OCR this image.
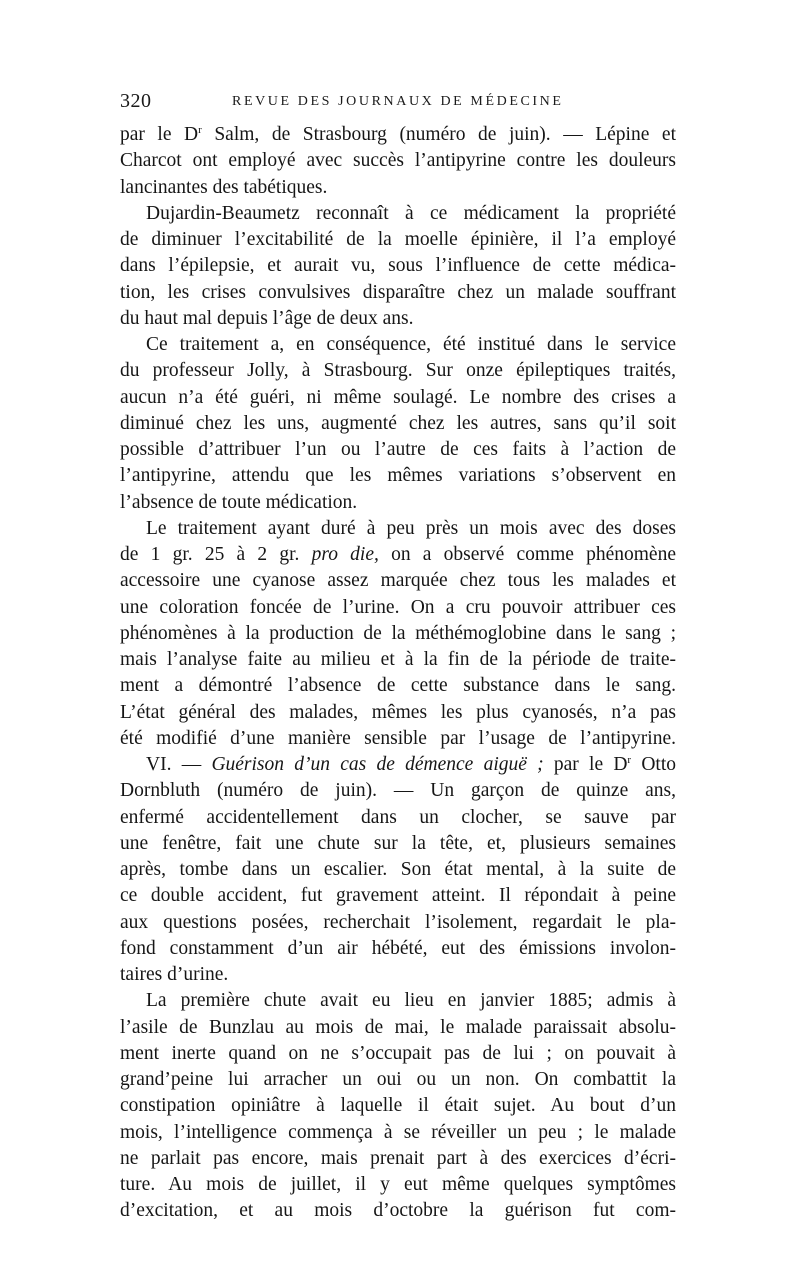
320	REVUE DES JOURNAUX DE MÉDECINE
par le $D^r$ Salm, de Strasbourg (numéro de juin). — Lépine et
Charcot ont employé avec succès l’antipyrine contre les douleurs
lancinantes des tabétiques.
Dujardin-Beaumetz reconnaît à ce médicament la propriété
de diminuer l’excitabilité de la moelle épinière, il l’a employé
dans l’épilepsie, et aurait vu, sous l’influence de cette médica-
tion, les crises convulsives disparaître chez un malade souffrant
du haut mal depuis l’âge de deux ans.
Ce traitement a, en conséquence, été institué dans le service
du professeur Jolly, à Strasbourg. Sur onze épileptiques traités,
aucun n’a été guéri, ni même soulagé. Le nombre des crises a
diminué chez les uns, augmenté chez les autres, sans qu’il soit
possible d’attribuer l’un ou l’autre de ces faits à l’action de
l’antipyrine, attendu que les mêmes variations s’observent en
l’absence de toute médication.
Le traitement ayant duré à peu près un mois avec des doses
de 1 gr. 25 à 2 gr. pro die, on a observé comme phénomène
accessoire une cyanose assez marquée chez tous les malades et
une coloration foncée de l’urine. On a cru pouvoir attribuer ces
phénomènes à la production de la méthémoglobine dans le sang ;
mais l’analyse faite au milieu et à la fin de la période de traite-
ment a démontré l’absence de cette substance dans le sang.
L’état général des malades, mêmes les plus cyanosés, n’a pas
été modifié d’une manière sensible par l’usage de l’antipyrine.
VI. — Guérison d’un cas de démence aiguë ; par le $D^r$ Otto
Dornbluth (numéro de juin). — Un garçon de quinze ans,
enfermé accidentellement dans un clocher, se sauve par
une fenêtre, fait une chute sur la tête, et, plusieurs semaines
après, tombe dans un escalier. Son état mental, à la suite de
ce double accident, fut gravement atteint. Il répondait à peine
aux questions posées, recherchait l’isolement, regardait le pla-
fond constamment d’un air hébété, eut des émissions involon-
taires d’urine.
La première chute avait eu lieu en janvier 1885; admis à
l’asile de Bunzlau au mois de mai, le malade paraissait absolu-
ment inerte quand on ne s’occupait pas de lui ; on pouvait à
grand’peine lui arracher un oui ou un non. On combattit la
constipation opiniâtre à laquelle il était sujet. Au bout d’un
mois, l’intelligence commença à se réveiller un peu ; le malade
ne parlait pas encore, mais prenait part à des exercices d’écri-
ture. Au mois de juillet, il y eut même quelques symptômes
d’excitation, et au mois d’octobre la guérison fut com-
